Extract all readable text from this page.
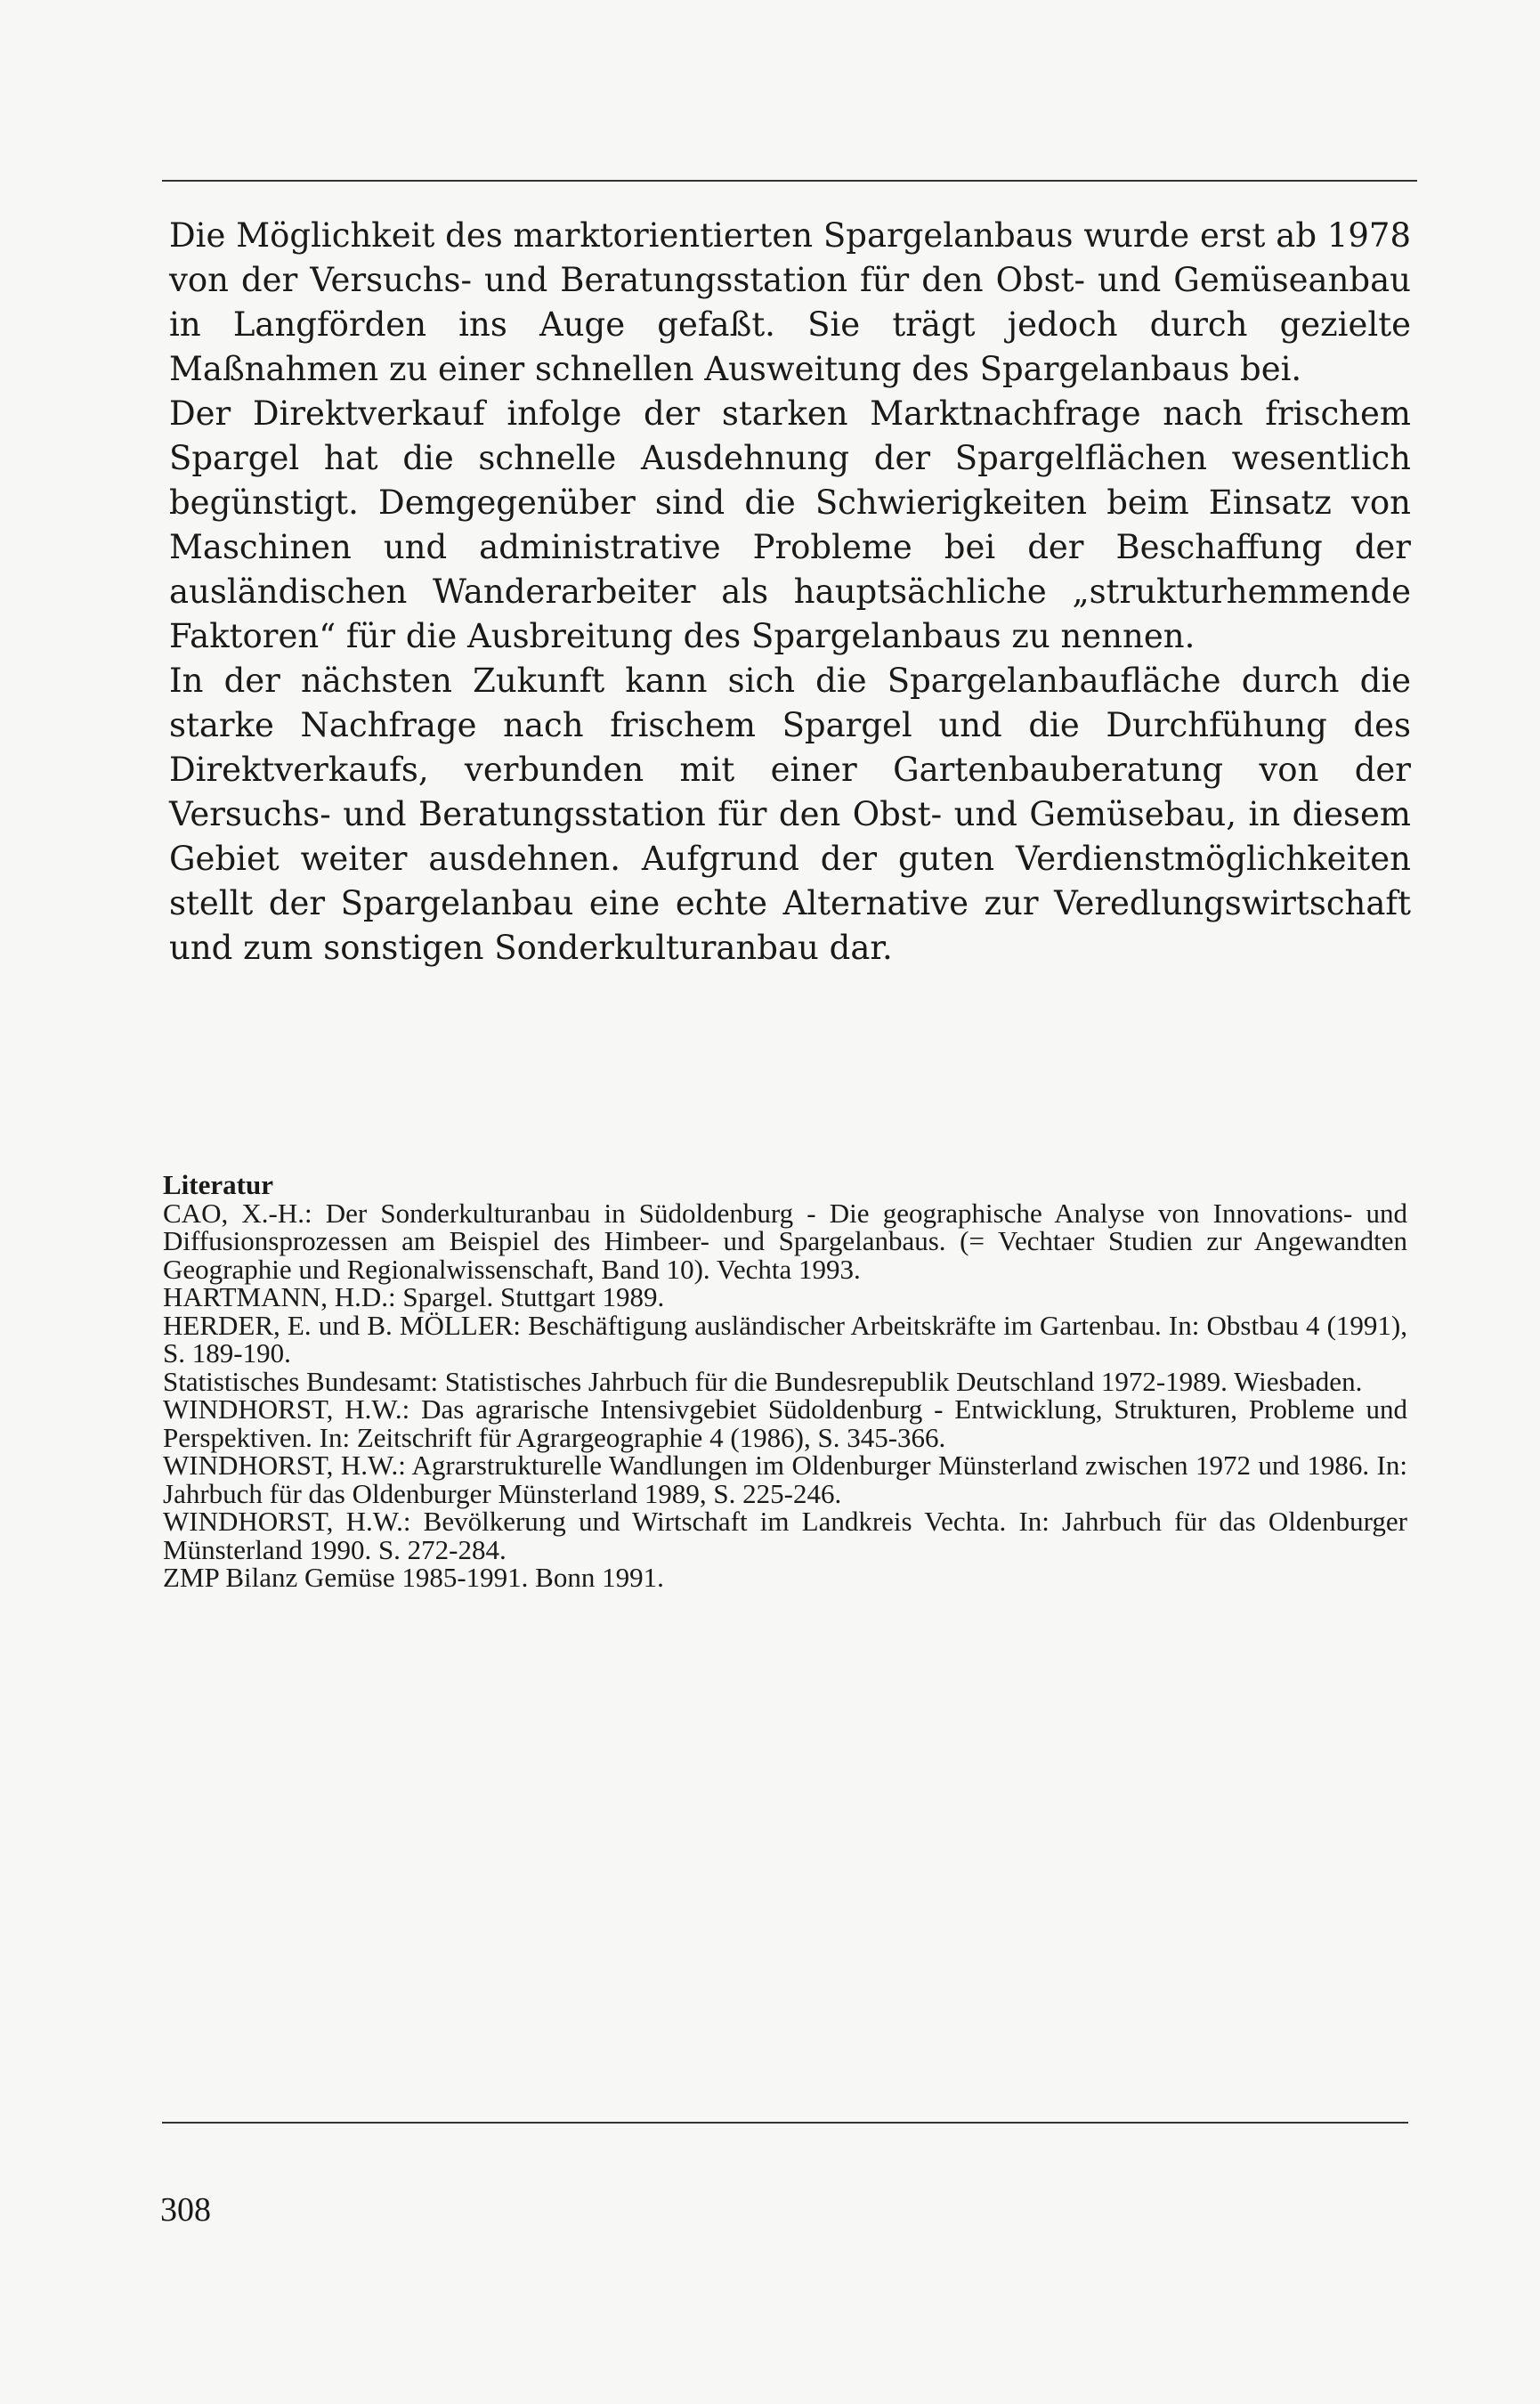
Die Möglichkeit des marktorientierten Spargelanbaus wurde erst ab 1978 von der Versuchs- und Beratungsstation für den Obst- und Gemüseanbau in Langförden ins Auge gefaßt. Sie trägt jedoch durch gezielte Maßnahmen zu einer schnellen Ausweitung des Spargelanbaus bei.

Der Direktverkauf infolge der starken Marktnachfrage nach frischem Spargel hat die schnelle Ausdehnung der Spargelflächen wesentlich begünstigt. Demgegenüber sind die Schwierigkeiten beim Einsatz von Maschinen und administrative Probleme bei der Beschaffung der ausländischen Wanderarbeiter als hauptsächliche „strukturhemmende Faktoren“ für die Ausbreitung des Spargelanbaus zu nennen.

In der nächsten Zukunft kann sich die Spargelanbaufläche durch die starke Nachfrage nach frischem Spargel und die Durchfühung des Direktverkaufs, verbunden mit einer Gartenbauberatung von der Versuchs- und Beratungsstation für den Obst- und Gemüsebau, in diesem Gebiet weiter ausdehnen. Aufgrund der guten Verdienstmöglichkeiten stellt der Spargelanbau eine echte Alternative zur Veredlungswirtschaft und zum sonstigen Sonderkulturanbau dar.

Literatur

CAO, X.-H.: Der Sonderkulturanbau in Südoldenburg - Die geographische Analyse von Innovations- und Diffusionsprozessen am Beispiel des Himbeer- und Spargelanbaus. (= Vechtaer Studien zur Angewandten Geographie und Regionalwissenschaft, Band 10). Vechta 1993.

HARTMANN, H.D.: Spargel. Stuttgart 1989.

HERDER, E. und B. MÖLLER: Beschäftigung ausländischer Arbeitskräfte im Gartenbau. In: Obstbau 4 (1991), S. 189-190.

Statistisches Bundesamt: Statistisches Jahrbuch für die Bundesrepublik Deutschland 1972-1989. Wiesbaden.

WINDHORST, H.W.: Das agrarische Intensivgebiet Südoldenburg - Entwicklung, Strukturen, Probleme und Perspektiven. In: Zeitschrift für Agrargeographie 4 (1986), S. 345-366.

WINDHORST, H.W.: Agrarstrukturelle Wandlungen im Oldenburger Münsterland zwischen 1972 und 1986. In: Jahrbuch für das Oldenburger Münsterland 1989, S. 225-246.

WINDHORST, H.W.: Bevölkerung und Wirtschaft im Landkreis Vechta. In: Jahrbuch für das Oldenburger Münsterland 1990. S. 272-284.

ZMP Bilanz Gemüse 1985-1991. Bonn 1991.

308
